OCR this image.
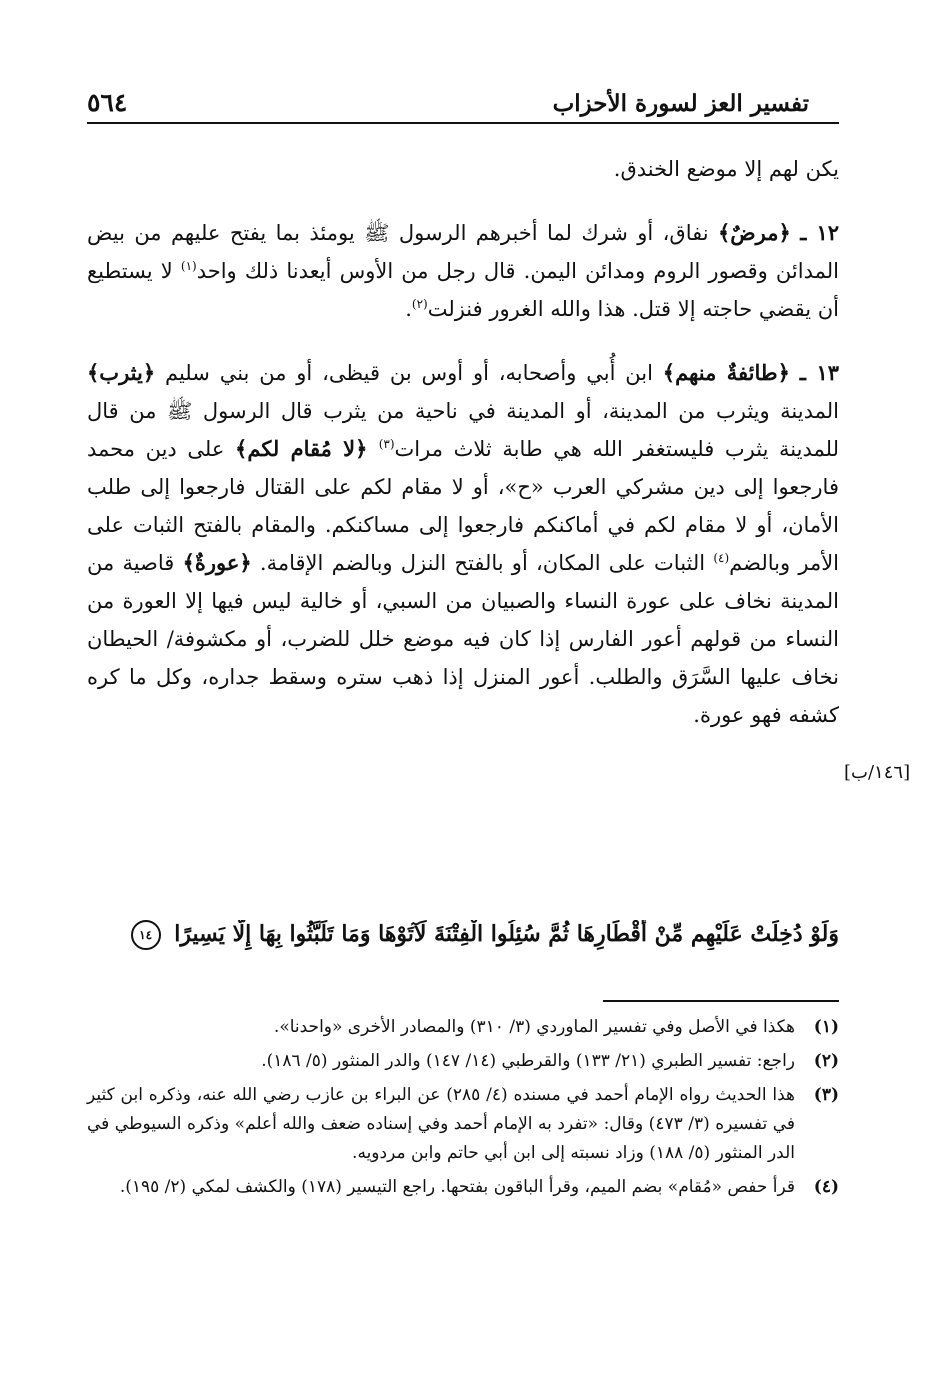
تفسير العز لسورة الأحزاب
٥٦٤

يكن لهم إلا موضع الخندق.

١٢ ـ ﴿مرضٌ﴾ نفاق، أو شرك لما أخبرهم الرسول ﷺ يومئذ بما يفتح عليهم من بيض المدائن وقصور الروم ومدائن اليمن. قال رجل من الأوس أيعدنا ذلك واحد$^{(١)}$ لا يستطيع أن يقضي حاجته إلا قتل. هذا والله الغرور فنزلت$^{(٢)}$.

١٣ ـ ﴿طائفةٌ منهم﴾ ابن أُبي وأصحابه، أو أوس بن قيظى، أو من بني سليم ﴿يثرب﴾ المدينة ويثرب من المدينة، أو المدينة في ناحية من يثرب قال الرسول ﷺ من قال للمدينة يثرب فليستغفر الله هي طابة ثلاث مرات$^{(٣)}$ ﴿لا مُقام لكم﴾ على دين محمد فارجعوا إلى دين مشركي العرب «ح»، أو لا مقام لكم على القتال فارجعوا إلى طلب الأمان، أو لا مقام لكم في أماكنكم فارجعوا إلى مساكنكم. والمقام بالفتح الثبات على الأمر وبالضم$^{(٤)}$ الثبات على المكان، أو بالفتح النزل وبالضم الإقامة. ﴿عورةٌ﴾ قاصية من المدينة نخاف على عورة النساء والصبيان من السبي، أو خالية ليس فيها إلا العورة من النساء من قولهم أعور الفارس إذا كان فيه موضع خلل للضرب، أو مكشوفة/ الحيطان نخاف عليها السَّرَق والطلب. أعور المنزل إذا ذهب ستره وسقط جداره، وكل ما كره كشفه فهو عورة.

[١٤٦/ب]
وَلَوْ دُخِلَتْ عَلَيْهِم مِّنْ أَقْطَارِهَا ثُمَّ سُئِلُوا الْفِتْنَةَ لَآتَوْهَا وَمَا تَلَبَّثُوا بِهَا إِلَّا يَسِيرًا ١٤

(١)
هكذا في الأصل وفي تفسير الماوردي (٣/ ٣١٠) والمصادر الأخرى «واحدنا».

(٢)
راجع: تفسير الطبري (٢١/ ١٣٣) والقرطبي (١٤/ ١٤٧) والدر المنثور (٥/ ١٨٦).

(٣)
هذا الحديث رواه الإمام أحمد في مسنده (٤/ ٢٨٥) عن البراء بن عازب رضي الله عنه، وذكره ابن كثير في تفسيره (٣/ ٤٧٣) وقال: «تفرد به الإمام أحمد وفي إسناده ضعف والله أعلم» وذكره السيوطي في الدر المنثور (٥/ ١٨٨) وزاد نسبته إلى ابن أبي حاتم وابن مردويه.

(٤)
قرأ حفص «مُقام» بضم الميم، وقرأ الباقون بفتحها. راجع التيسير (١٧٨) والكشف لمكي (٢/ ١٩٥).
